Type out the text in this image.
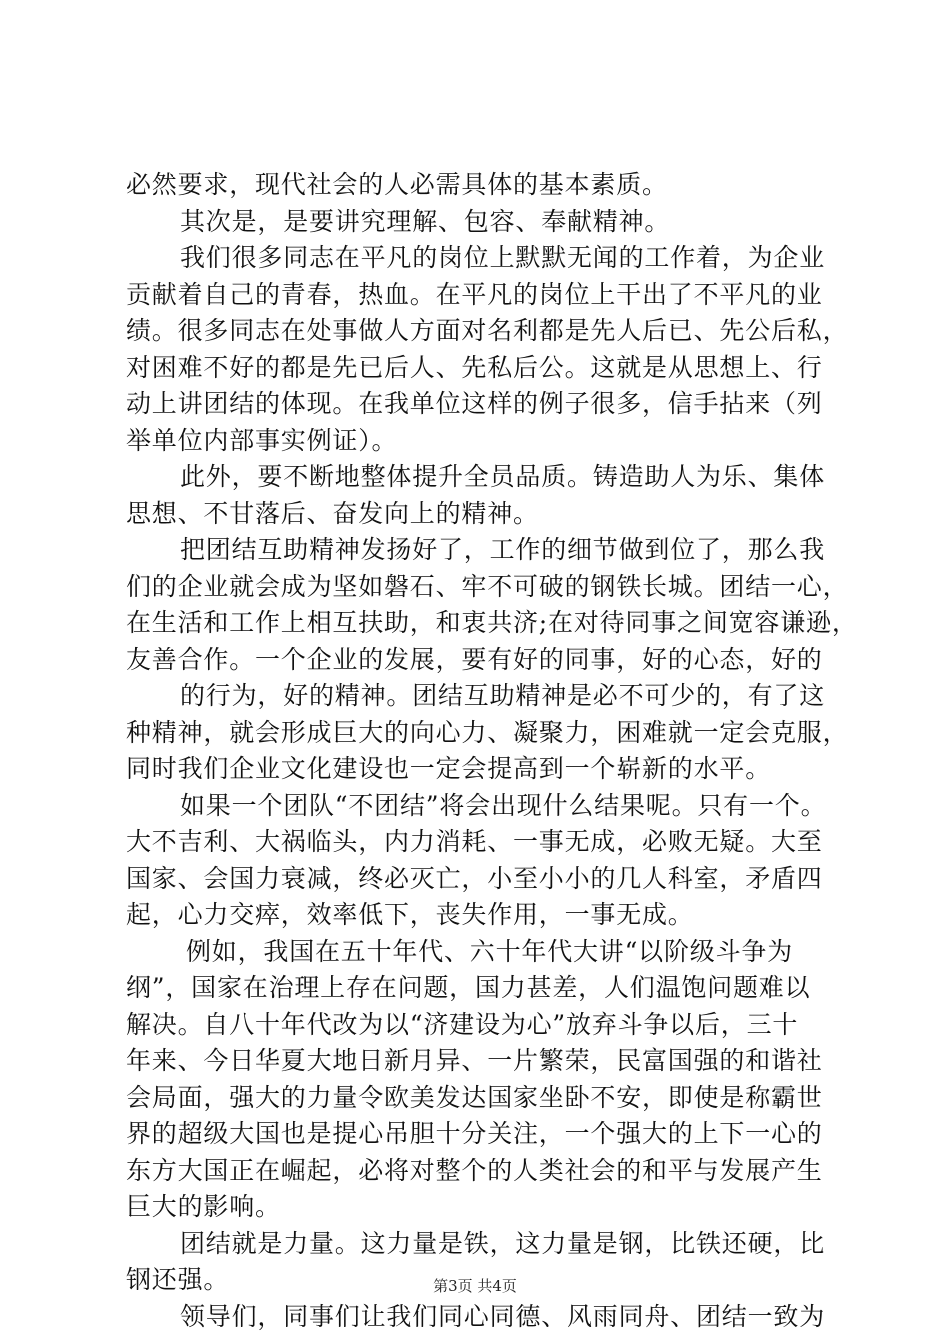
必然要求，现代社会的人必需具体的基本素质。
其次是，是要讲究理解、包容、奉献精神。
我们很多同志在平凡的岗位上默默无闻的工作着，为企业
贡献着自己的青春，热血。在平凡的岗位上干出了不平凡的业
绩。很多同志在处事做人方面对名利都是先人后已、先公后私，
对困难不好的都是先已后人、先私后公。这就是从思想上、行
动上讲团结的体现。在我单位这样的例子很多，信手拈来（列
举单位内部事实例证）。
此外，要不断地整体提升全员品质。铸造助人为乐、集体
思想、不甘落后、奋发向上的精神。
把团结互助精神发扬好了，工作的细节做到位了，那么我
们的企业就会成为坚如磐石、牢不可破的钢铁长城。团结一心，
在生活和工作上相互扶助，和衷共济;在对待同事之间宽容谦逊，
友善合作。一个企业的发展，要有好的同事，好的心态，好的
的行为，好的精神。团结互助精神是必不可少的，有了这
种精神，就会形成巨大的向心力、凝聚力，困难就一定会克服，
同时我们企业文化建设也一定会提高到一个崭新的水平。
如果一个团队“不团结”将会出现什么结果呢。只有一个。
大不吉利、大祸临头，内力消耗、一事无成，必败无疑。大至
国家、会国力衰减，终必灭亡，小至小小的几人科室，矛盾四
起，心力交瘁，效率低下，丧失作用，一事无成。
例如，我国在五十年代、六十年代大讲“以阶级斗争为
纲”，国家在治理上存在问题，国力甚差，人们温饱问题难以
解决。自八十年代改为以“济建设为心”放弃斗争以后，三十
年来、今日华夏大地日新月异、一片繁荣，民富国强的和谐社
会局面，强大的力量令欧美发达国家坐卧不安，即使是称霸世
界的超级大国也是提心吊胆十分关注，一个强大的上下一心的
东方大国正在崛起，必将对整个的人类社会的和平与发展产生
巨大的影响。
团结就是力量。这力量是铁，这力量是钢，比铁还硬，比
钢还强。
领导们，同事们让我们同心同德、风雨同舟、团结一致为
第3页 共4页
